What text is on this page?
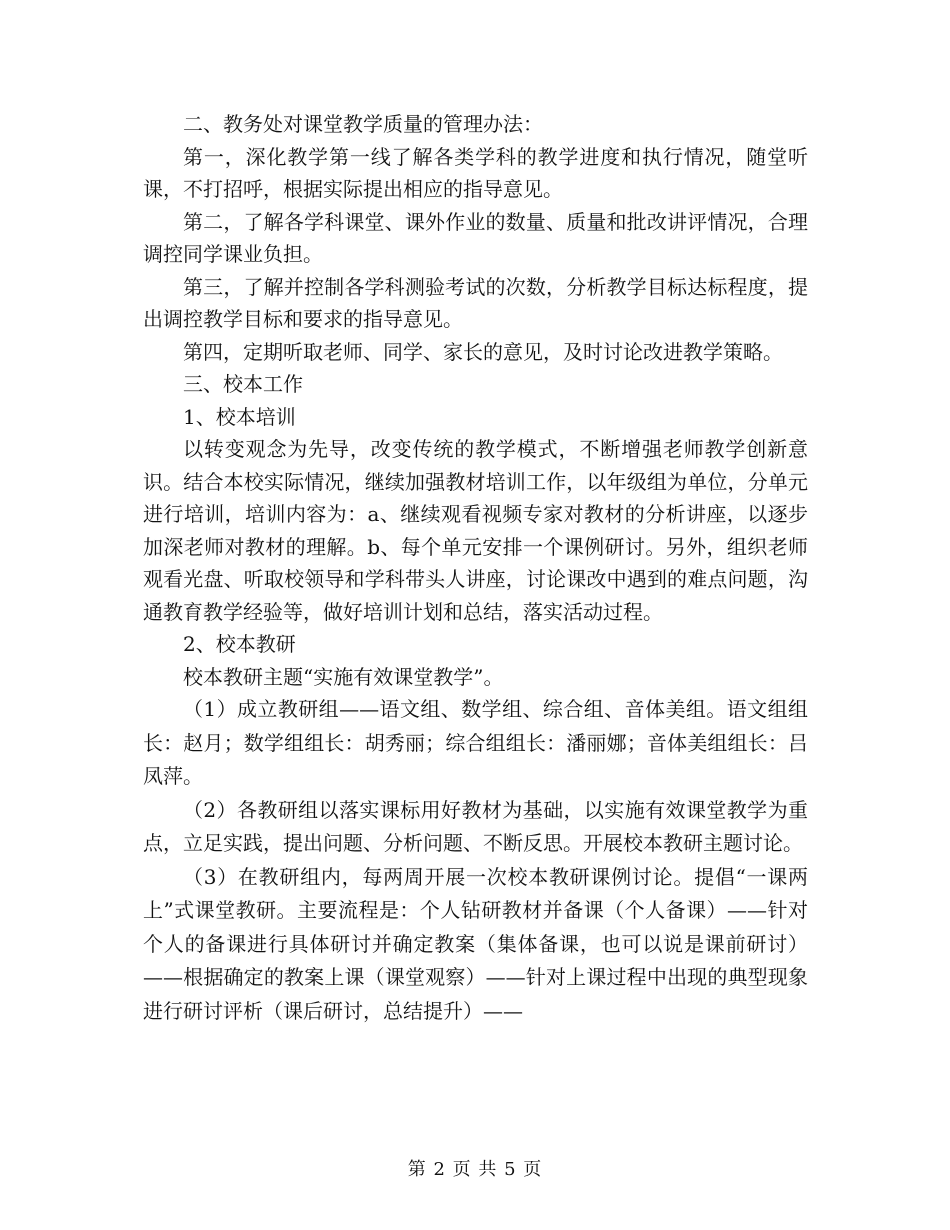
二、教务处对课堂教学质量的管理办法：

第一，深化教学第一线了解各类学科的教学进度和执行情况，随堂听课，不打招呼，根据实际提出相应的指导意见。

第二，了解各学科课堂、课外作业的数量、质量和批改讲评情况，合理调控同学课业负担。

第三，了解并控制各学科测验考试的次数，分析教学目标达标程度，提出调控教学目标和要求的指导意见。

第四，定期听取老师、同学、家长的意见，及时讨论改进教学策略。

三、校本工作

1、校本培训

以转变观念为先导，改变传统的教学模式，不断增强老师教学创新意识。结合本校实际情况，继续加强教材培训工作，以年级组为单位，分单元进行培训，培训内容为：a、继续观看视频专家对教材的分析讲座，以逐步加深老师对教材的理解。b、每个单元安排一个课例研讨。另外，组织老师观看光盘、听取校领导和学科带头人讲座，讨论课改中遇到的难点问题，沟通教育教学经验等，做好培训计划和总结，落实活动过程。

2、校本教研

校本教研主题“实施有效课堂教学”。

（1）成立教研组——语文组、数学组、综合组、音体美组。语文组组长：赵月；数学组组长：胡秀丽；综合组组长：潘丽娜；音体美组组长：吕凤萍。

（2）各教研组以落实课标用好教材为基础，以实施有效课堂教学为重点，立足实践，提出问题、分析问题、不断反思。开展校本教研主题讨论。

（3）在教研组内，每两周开展一次校本教研课例讨论。提倡“一课两上”式课堂教研。主要流程是：个人钻研教材并备课（个人备课）——针对个人的备课进行具体研讨并确定教案（集体备课，也可以说是课前研讨）——根据确定的教案上课（课堂观察）——针对上课过程中出现的典型现象进行研讨评析（课后研讨，总结提升）——

第 2 页 共 5 页
